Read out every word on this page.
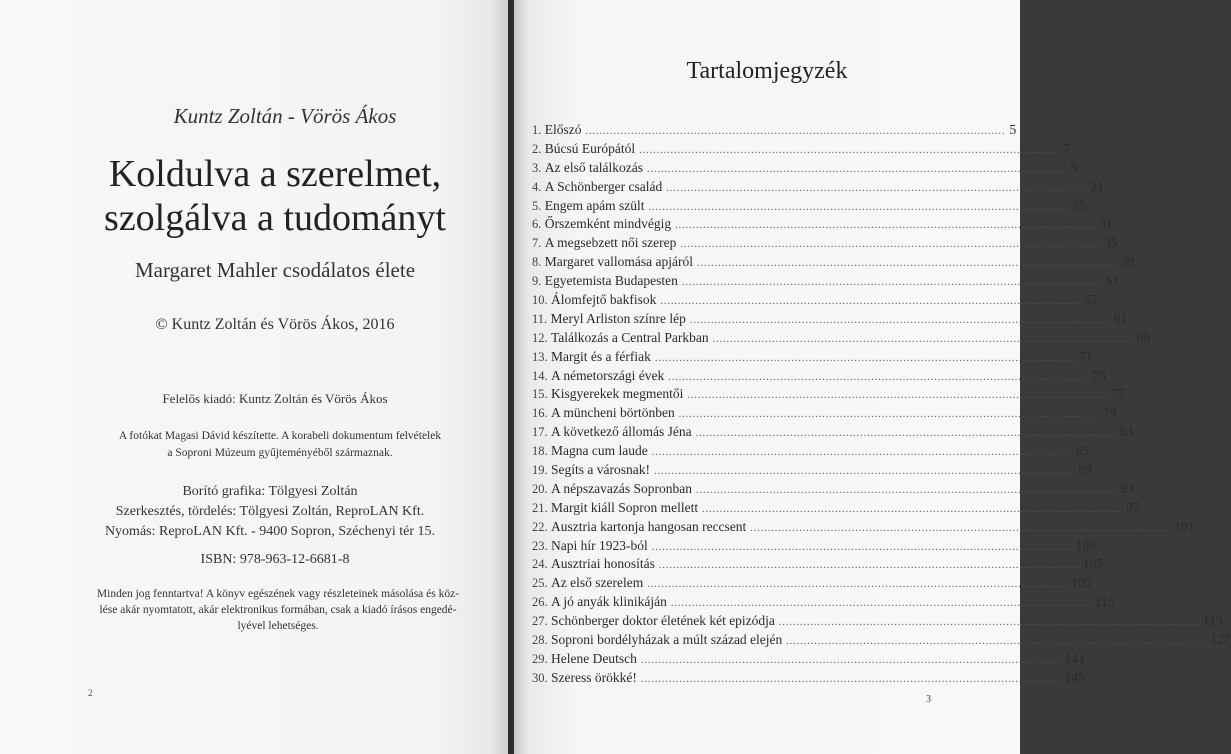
Kuntz Zoltán - Vörös Ákos
Koldulva a szerelmet,
szolgálva a tudományt
Margaret Mahler csodálatos élete
© Kuntz Zoltán és Vörös Ákos, 2016
Felelős kiadó: Kuntz Zoltán és Vörös Ákos
A fotókat Magasi Dávid készítette. A korabeli dokumentum felvételek
a Soproni Múzeum gyűjteményéből származnak.
Borító grafika: Tölgyesi Zoltán
Szerkesztés, tördelés: Tölgyesi Zoltán, ReproLAN Kft.
Nyomás: ReproLAN Kft. - 9400 Sopron, Széchenyi tér 15.
ISBN: 978-963-12-6681-8
Minden jog fenntartva! A könyv egészének vagy részleteinek másolása és köz-
lése akár nyomtatott, akár elektronikus formában, csak a kiadó írásos engedé-
lyével lehetséges.
2
Tartalomjegyzék
1.
Előszó ........................................................................................................................ 5
2.
Búcsú Európától ........................................................................................................................ 7
3.
Az első találkozás ........................................................................................................................ 9
4.
A Schönberger család ........................................................................................................................ 21
5.
Engem apám szült ........................................................................................................................ 25
6.
Őrszemként mindvégig ........................................................................................................................ 31
7.
A megsebzett női szerep ........................................................................................................................ 35
8.
Margaret vallomása apjáról ........................................................................................................................ 39
9.
Egyetemista Budapesten ........................................................................................................................ 51
10.
Álomfejtő bakfisok ........................................................................................................................ 57
11.
Meryl Arliston színre lép ........................................................................................................................ 61
12.
Találkozás a Central Parkban ........................................................................................................................ 69
13.
Margit és a férfiak ........................................................................................................................ 71
14.
A németországi évek ........................................................................................................................ 75
15.
Kisgyerekek megmentői ........................................................................................................................ 77
16.
A müncheni börtönben ........................................................................................................................ 79
17.
A következő állomás Jéna ........................................................................................................................ 83
18.
Magna cum laude ........................................................................................................................ 85
19.
Segíts a városnak! ........................................................................................................................ 89
20.
A népszavazás Sopronban ........................................................................................................................ 93
21.
Margit kiáll Sopron mellett ........................................................................................................................ 97
22.
Ausztria kartonja hangosan reccsent ........................................................................................................................ 101
23.
Napi hír 1923-ból ........................................................................................................................ 103
24.
Ausztriai honosítás ........................................................................................................................ 105
25.
Az első szerelem ........................................................................................................................ 109
26.
A jó anyák klinikáján ........................................................................................................................ 115
27.
Schönberger doktor életének két epizódja ........................................................................................................................ 119
28.
Soproni bordélyházak a múlt század elején ........................................................................................................................ 127
29.
Helene Deutsch ........................................................................................................................ 141
30.
Szeress örökké! ........................................................................................................................ 145
3
